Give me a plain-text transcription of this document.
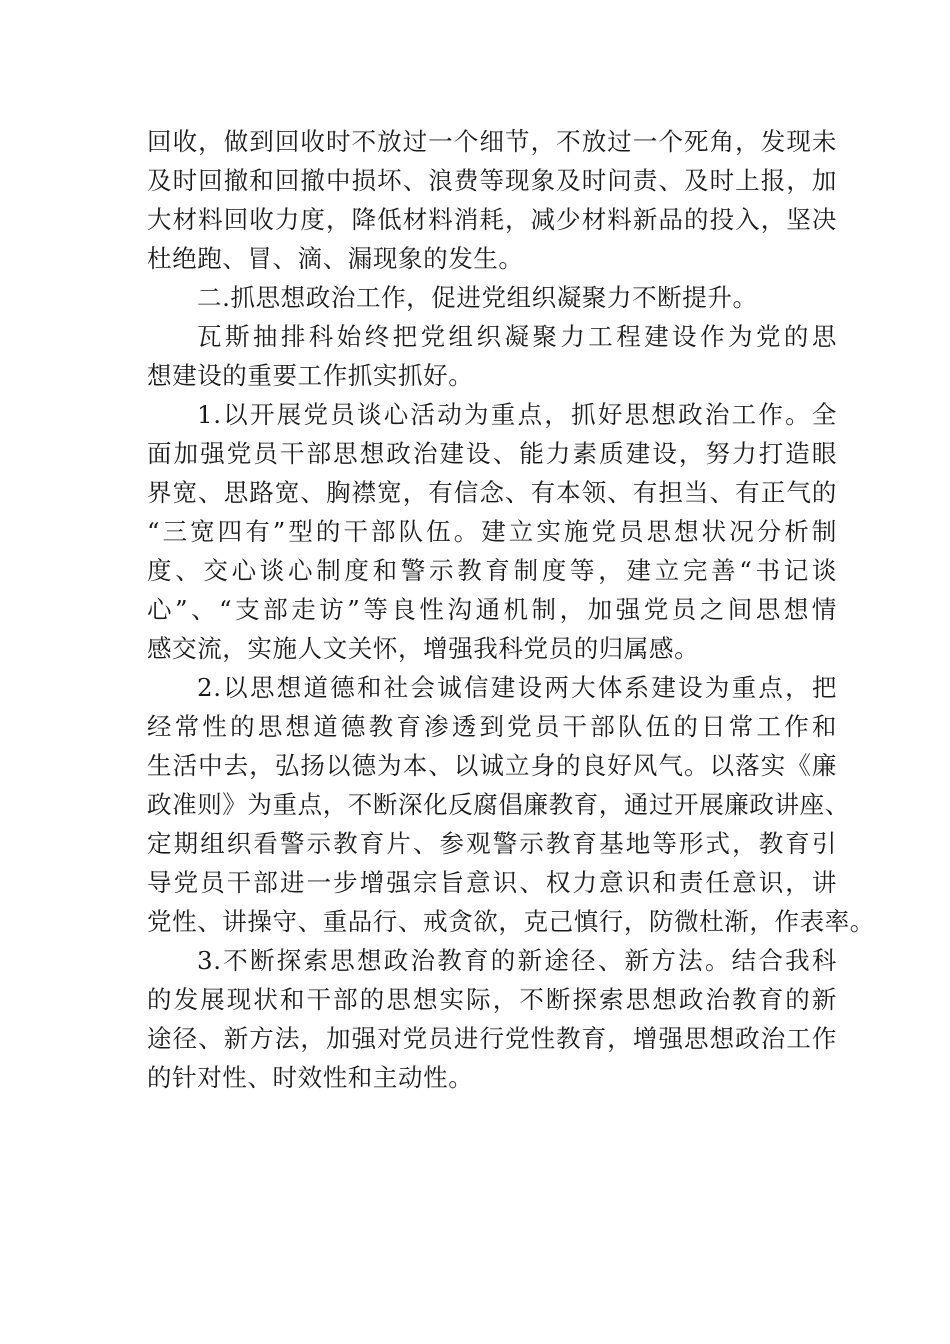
回收，做到回收时不放过一个细节，不放过一个死角，发现未
及时回撤和回撤中损坏、浪费等现象及时问责、及时上报，加
大材料回收力度，降低材料消耗，减少材料新品的投入，坚决
杜绝跑、冒、滴、漏现象的发生。
二.抓思想政治工作，促进党组织凝聚力不断提升。
瓦斯抽排科始终把党组织凝聚力工程建设作为党的思
想建设的重要工作抓实抓好。
1.以开展党员谈心活动为重点，抓好思想政治工作。全
面加强党员干部思想政治建设、能力素质建设，努力打造眼
界宽、思路宽、胸襟宽，有信念、有本领、有担当、有正气的
“三宽四有”型的干部队伍。建立实施党员思想状况分析制
度、交心谈心制度和警示教育制度等，建立完善“书记谈
心”、“支部走访”等良性沟通机制，加强党员之间思想情
感交流，实施人文关怀，增强我科党员的归属感。
2.以思想道德和社会诚信建设两大体系建设为重点，把
经常性的思想道德教育渗透到党员干部队伍的日常工作和
生活中去，弘扬以德为本、以诚立身的良好风气。以落实《廉
政准则》为重点，不断深化反腐倡廉教育，通过开展廉政讲座、
定期组织看警示教育片、参观警示教育基地等形式，教育引
导党员干部进一步增强宗旨意识、权力意识和责任意识，讲
党性、讲操守、重品行、戒贪欲，克己慎行，防微杜渐，作表率。
3.不断探索思想政治教育的新途径、新方法。结合我科
的发展现状和干部的思想实际，不断探索思想政治教育的新
途径、新方法，加强对党员进行党性教育，增强思想政治工作
的针对性、时效性和主动性。
